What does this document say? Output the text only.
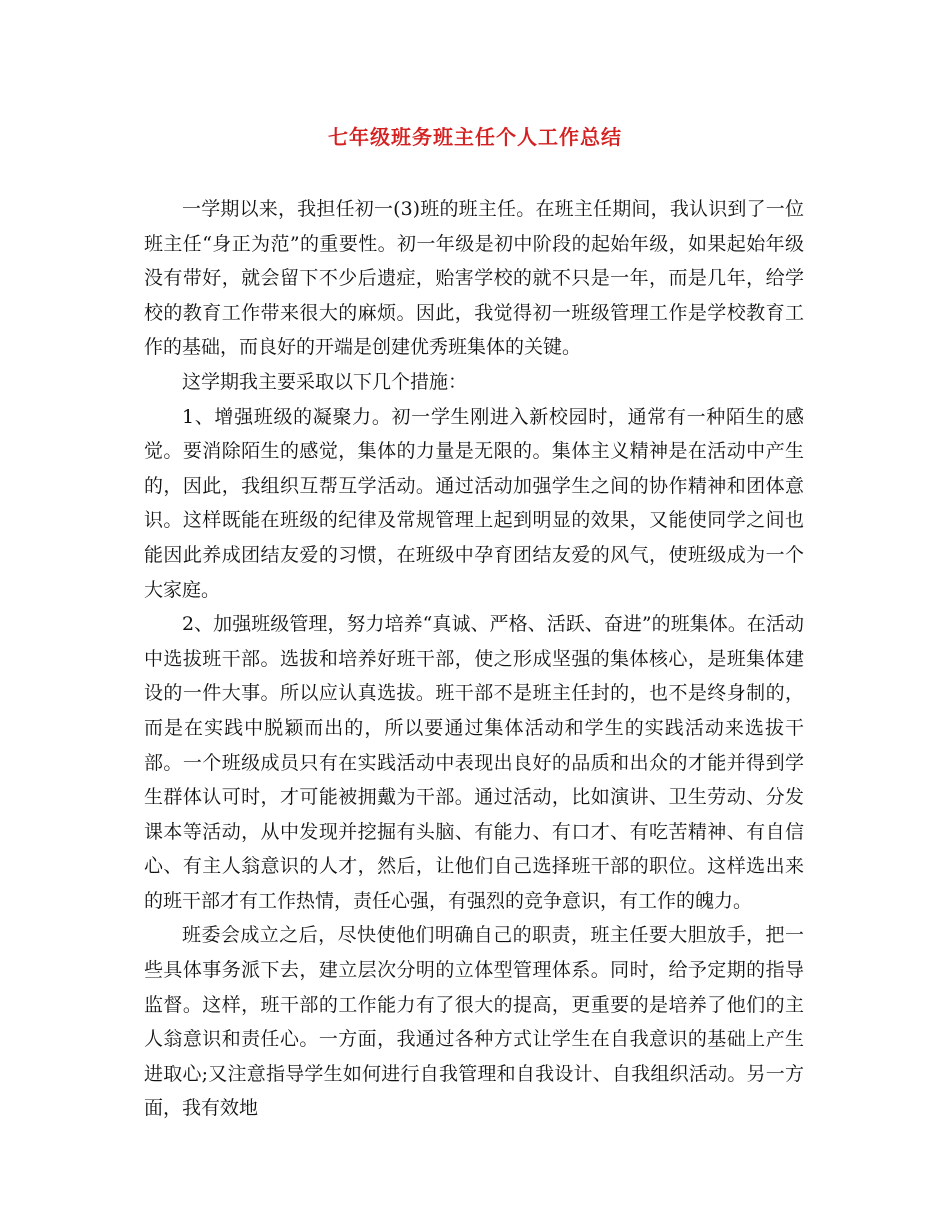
七年级班务班主任个人工作总结

一学期以来，我担任初一(3)班的班主任。在班主任期间，我认识到了一位班主任“身正为范”的重要性。初一年级是初中阶段的起始年级，如果起始年级没有带好，就会留下不少后遗症，贻害学校的就不只是一年，而是几年，给学校的教育工作带来很大的麻烦。因此，我觉得初一班级管理工作是学校教育工作的基础，而良好的开端是创建优秀班集体的关键。

这学期我主要采取以下几个措施：

1、增强班级的凝聚力。初一学生刚进入新校园时，通常有一种陌生的感觉。要消除陌生的感觉，集体的力量是无限的。集体主义精神是在活动中产生的，因此，我组织互帮互学活动。通过活动加强学生之间的协作精神和团体意识。这样既能在班级的纪律及常规管理上起到明显的效果，又能使同学之间也能因此养成团结友爱的习惯，在班级中孕育团结友爱的风气，使班级成为一个大家庭。

2、加强班级管理，努力培养“真诚、严格、活跃、奋进”的班集体。在活动中选拔班干部。选拔和培养好班干部，使之形成坚强的集体核心，是班集体建设的一件大事。所以应认真选拔。班干部不是班主任封的，也不是终身制的，而是在实践中脱颖而出的，所以要通过集体活动和学生的实践活动来选拔干部。一个班级成员只有在实践活动中表现出良好的品质和出众的才能并得到学生群体认可时，才可能被拥戴为干部。通过活动，比如演讲、卫生劳动、分发课本等活动，从中发现并挖掘有头脑、有能力、有口才、有吃苦精神、有自信心、有主人翁意识的人才，然后，让他们自己选择班干部的职位。这样选出来的班干部才有工作热情，责任心强，有强烈的竞争意识，有工作的魄力。

班委会成立之后，尽快使他们明确自己的职责，班主任要大胆放手，把一些具体事务派下去，建立层次分明的立体型管理体系。同时，给予定期的指导监督。这样，班干部的工作能力有了很大的提高，更重要的是培养了他们的主人翁意识和责任心。一方面，我通过各种方式让学生在自我意识的基础上产生进取心;又注意指导学生如何进行自我管理和自我设计、自我组织活动。另一方面，我有效地
